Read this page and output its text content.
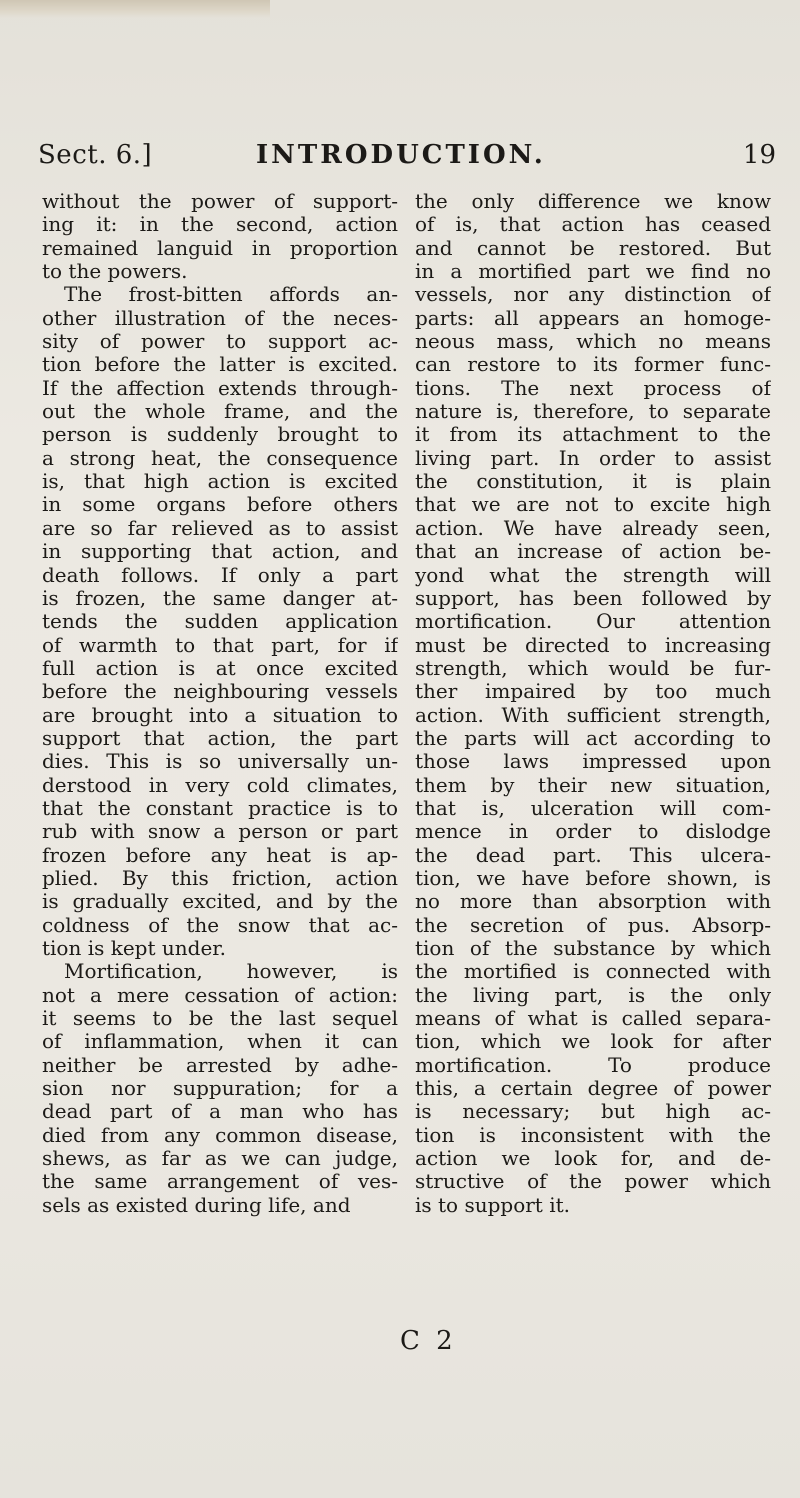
Sect. 6.]	INTRODUCTION.	19
without the power of support-
ing it: in the second, action
remained languid in proportion
to the powers.
The frost-bitten affords an-
other illustration of the neces-
sity of power to support ac-
tion before the latter is excited.
If the affection extends through-
out the whole frame, and the
person is suddenly brought to
a strong heat, the consequence
is, that high action is excited
in some organs before others
are so far relieved as to assist
in supporting that action, and
death follows. If only a part
is frozen, the same danger at-
tends the sudden application
of warmth to that part, for if
full action is at once excited
before the neighbouring vessels
are brought into a situation to
support that action, the part
dies. This is so universally un-
derstood in very cold climates,
that the constant practice is to
rub with snow a person or part
frozen before any heat is ap-
plied. By this friction, action
is gradually excited, and by the
coldness of the snow that ac-
tion is kept under.
Mortification, however, is
not a mere cessation of action:
it seems to be the last sequel
of inflammation, when it can
neither be arrested by adhe-
sion nor suppuration; for a
dead part of a man who has
died from any common disease,
shews, as far as we can judge,
the same arrangement of ves-
sels as existed during life, and
the only difference we know
of is, that action has ceased
and cannot be restored. But
in a mortified part we find no
vessels, nor any distinction of
parts: all appears an homoge-
neous mass, which no means
can restore to its former func-
tions. The next process of
nature is, therefore, to separate
it from its attachment to the
living part. In order to assist
the constitution, it is plain
that we are not to excite high
action. We have already seen,
that an increase of action be-
yond what the strength will
support, has been followed by
mortification. Our attention
must be directed to increasing
strength, which would be fur-
ther impaired by too much
action. With sufficient strength,
the parts will act according to
those laws impressed upon
them by their new situation,
that is, ulceration will com-
mence in order to dislodge
the dead part. This ulcera-
tion, we have before shown, is
no more than absorption with
the secretion of pus. Absorp-
tion of the substance by which
the mortified is connected with
the living part, is the only
means of what is called separa-
tion, which we look for after
mortification. To produce
this, a certain degree of power
is necessary; but high ac-
tion is inconsistent with the
action we look for, and de-
structive of the power which
is to support it.
C 2
